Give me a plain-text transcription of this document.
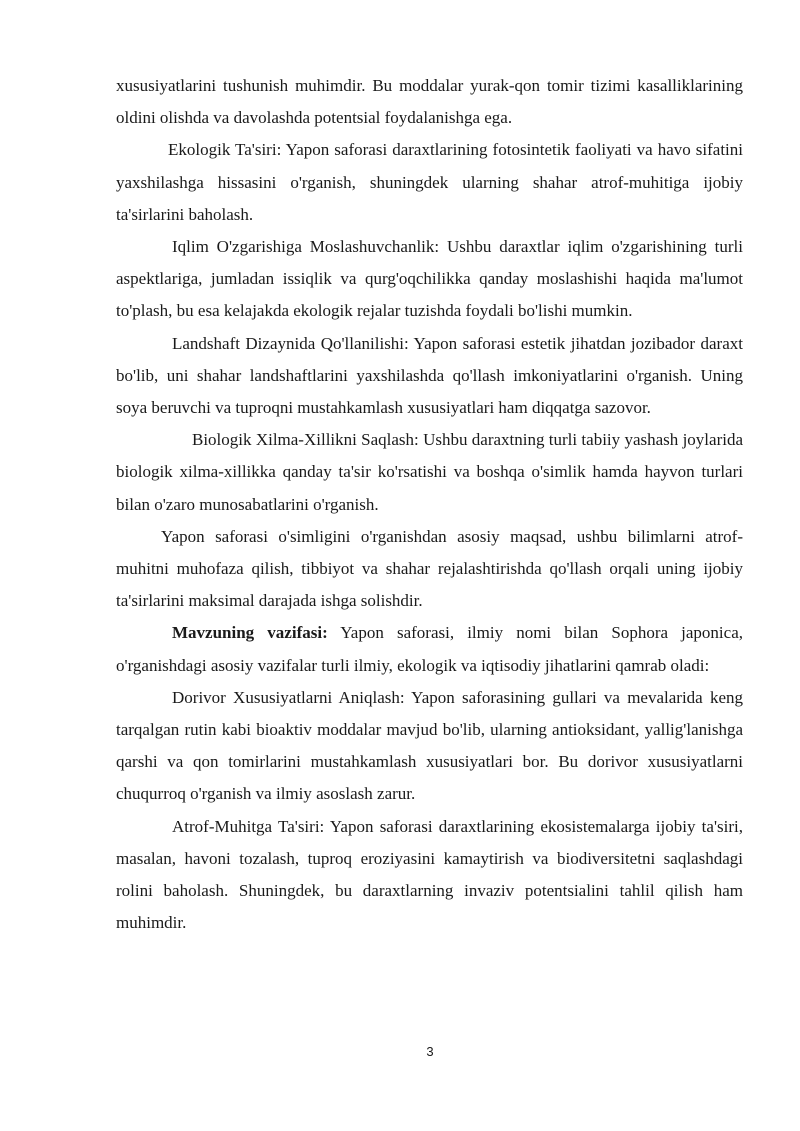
xususiyatlarini tushunish muhimdir. Bu moddalar yurak-qon tomir tizimi kasalliklarining oldini olishda va davolashda potentsial foydalanishga ega.

Ekologik Ta'siri: Yapon saforasi daraxtlarining fotosintetik faoliyati va havo sifatini yaxshilashga hissasini o'rganish, shuningdek ularning shahar atrof-muhitiga ijobiy ta'sirlarini baholash.

Iqlim O'zgarishiga Moslashuvchanlik: Ushbu daraxtlar iqlim o'zgarishining turli aspektlariga, jumladan issiqlik va qurg'oqchilikka qanday moslashishi haqida ma'lumot to'plash, bu esa kelajakda ekologik rejalar tuzishda foydali bo'lishi mumkin.

Landshaft Dizaynida Qo'llanilishi: Yapon saforasi estetik jihatdan jozibador daraxt bo'lib, uni shahar landshaftlarini yaxshilashda qo'llash imkoniyatlarini o'rganish. Uning soya beruvchi va tuproqni mustahkamlash xususiyatlari ham diqqatga sazovor.

Biologik Xilma-Xillikni Saqlash: Ushbu daraxtning turli tabiiy yashash joylarida biologik xilma-xillikka qanday ta'sir ko'rsatishi va boshqa o'simlik hamda hayvon turlari bilan o'zaro munosabatlarini o'rganish.

Yapon saforasi o'simligini o'rganishdan asosiy maqsad, ushbu bilimlarni atrof-muhitni muhofaza qilish, tibbiyot va shahar rejalashtirishda qo'llash orqali uning ijobiy ta'sirlarini maksimal darajada ishga solishdir.

Mavzuning vazifasi: Yapon saforasi, ilmiy nomi bilan Sophora japonica, o'rganishdagi asosiy vazifalar turli ilmiy, ekologik va iqtisodiy jihatlarini qamrab oladi:

Dorivor Xususiyatlarni Aniqlash: Yapon saforasining gullari va mevalarida keng tarqalgan rutin kabi bioaktiv moddalar mavjud bo'lib, ularning antioksidant, yallig'lanishga qarshi va qon tomirlarini mustahkamlash xususiyatlari bor. Bu dorivor xususiyatlarni chuqurroq o'rganish va ilmiy asoslash zarur.

Atrof-Muhitga Ta'siri: Yapon saforasi daraxtlarining ekosistemalarga ijobiy ta'siri, masalan, havoni tozalash, tuproq eroziyasini kamaytirish va biodiversitetni saqlashdagi rolini baholash. Shuningdek, bu daraxtlarning invaziv potentsialini tahlil qilish ham muhimdir.

3
